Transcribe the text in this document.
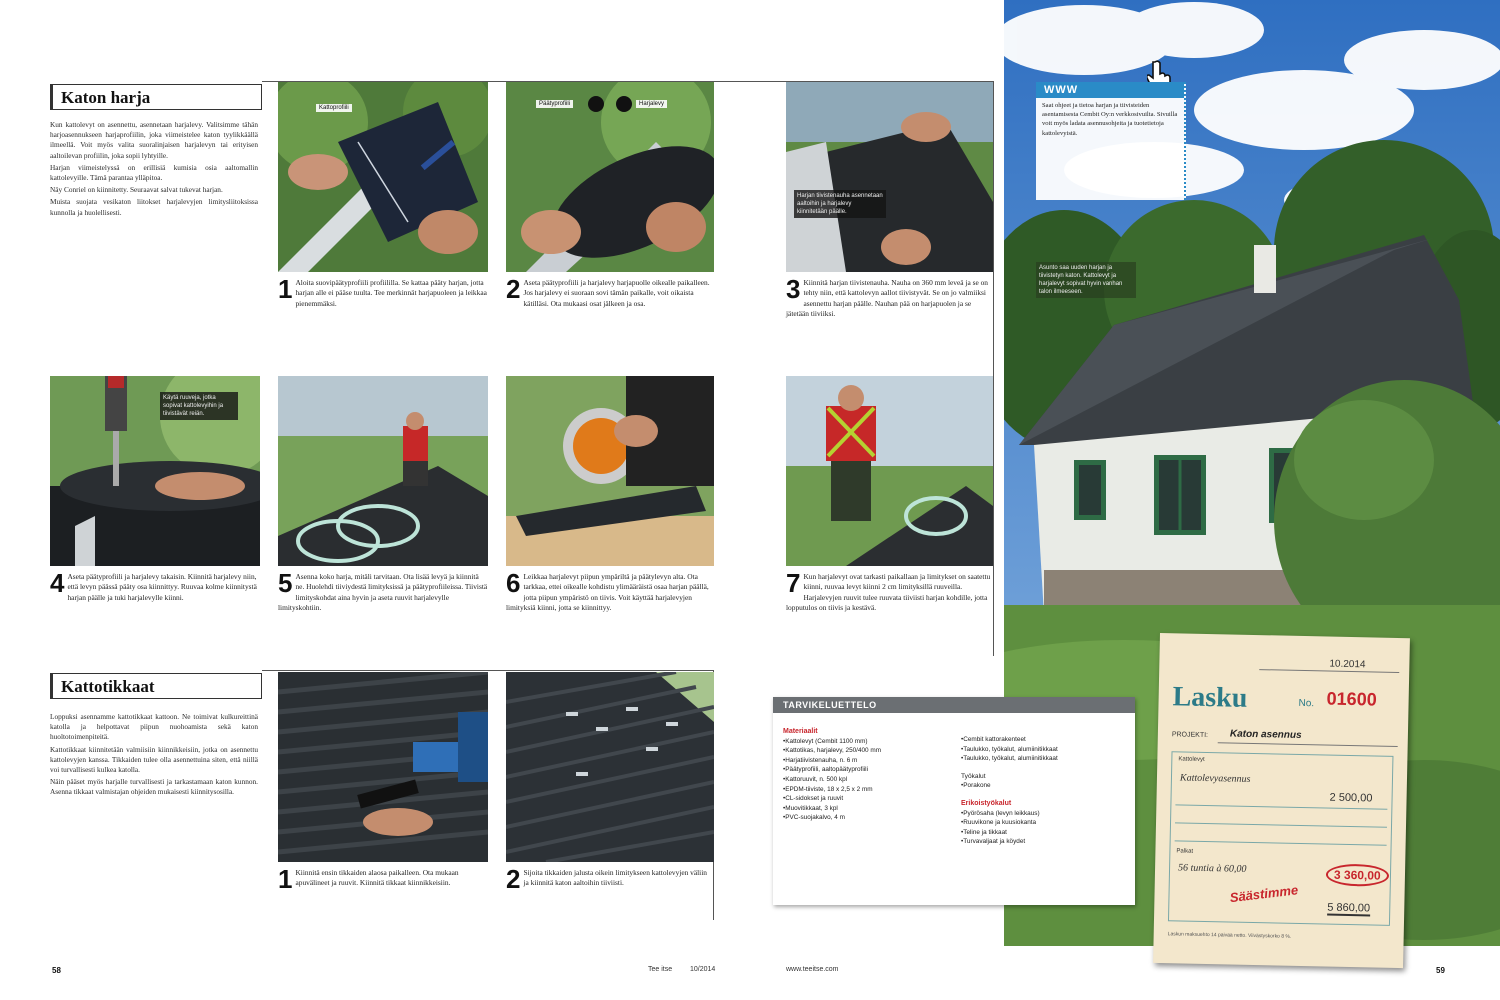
Katon harja

Kun kattolevyt on asennettu, asennetaan harjalevy. Valitsimme tähän harjoasennukseen harjaprofiilin, joka viimeistelee katon tyylikkäällä ilmeellä. Voit myös valita suoralinjaisen harjalevyn tai erityisen aaltoilevan profiilin, joka sopii lyhtyille.

Harjan viimeistelyssä on erillisiä kumisia osia aaltomallin kattolevyille. Tämä parantaa ylläpitoa.

Näy Conriel on kiinnitetty. Seuraavat salvat tukevat harjan.

Muista suojata vesikaton liitokset harjalevyjen limitysliitoksissa kunnolla ja huolellisesti.

Kattoprofiili
1 Aloita suovipäätyprofiili profiililla. Se kattaa pääty harjan, jotta harjan alle ei pääse tuulta. Tee merkinnät harjapuoleen ja leikkaa pienemmäksi.
Päätyprofiili	Harjalevy
2 Aseta päätyprofiili ja harjalevy harjapuolle oikealle paikalleen. Jos harjalevy ei suoraan sovi tämän paikalle, voit oikaista kätilläsi. Ota mukaasi osat jälkeen ja osa.
Harjan tiivistenauha asennetaan aaltoihin ja harjalevy kiinnitetään päälle.
3 Kiinnitä harjan tiivistenauha. Nauha on 360 mm leveä ja se on tehty niin, että kattolevyn aallot tiivistyvät. Se on jo valmiiksi asennettu harjan päälle. Nauhan pää on harjapuolen ja se jätetään tiiviiksi.
Käytä ruuveja, jotka sopivat kattolevyihin ja tiivistävät reiän.
4 Aseta päätyprofiili ja harjalevy takaisin. Kiinnitä harjalevy niin, että levyn päässä pääty osa kiinnittyy. Ruuvaa kolme kiinnitystä harjan päälle ja tuki harjalevylle kiinni.	5 Asenna koko harja, mitäli tarvitaan. Ota lisää levyä ja kiinnitä ne. Huolehdi tiiviydestä limityksissä ja päätyprofiileissa. Tiivistä limityskohdat aina hyvin ja aseta ruuvit harjalevylle limityskohtiin.
6 Leikkaa harjalevyt piipun ympäriltä ja päätylevyn alta. Ota tarkkaa, ettei oikealle kohdistu ylimääräistä osaa harjan päällä, jotta piipun ympäristö on tiivis. Voit käyttää harjalevyjen limityksiä kiinni, jotta se kiinnittyy.
7 Kun harjalevyt ovat tarkasti paikallaan ja limitykset on saatettu kiinni, ruuvaa levyt kiinni 2 cm limityksillä ruuveilla. Harjalevyjen ruuvit tulee ruuvata tiiviisti harjan kohdille, jotta lopputulos on tiivis ja kestävä.
Kattotikkaat

Loppuksi asennamme kattotikkaat kattoon. Ne toimivat kulkureittinä katolla ja helpottavat piipun nuohoamista sekä katon huoltotoimenpiteitä.

Kattotikkaat kiinnitetään valmiisiin kiinnikkeisiin, jotka on asennettu kattolevyjen kanssa. Tikkaiden tulee olla asennettuina siten, että niillä voi turvallisesti kulkea katolla.

Näin pääset myös harjalle turvallisesti ja tarkastamaan katon kunnon. Asenna tikkaat valmistajan ohjeiden mukaisesti kiinnitysosilla.

1 Kiinnitä ensin tikkaiden alaosa paikalleen. Ota mukaan apuvälineet ja ruuvit. Kiinnitä tikkaat kiinnikkeisiin.	2 Sijoita tikkaiden jalusta oikein limitykseen kattolevyjen väliin ja kiinnitä katon aaltoihin tiiviisti.
58	Tee itse	10/2014	www.teeitse.com
WWW
Saat ohjeet ja tietoa harjan ja tiivisteiden asentamisesta Cembit Oy:n verkkosivuilta. Sivuilla voit myös ladata asennusohjeita ja tuotetietoja kattolevyistä.
Asunto saa uuden harjan ja tiivistetyn katon. Kattolevyt ja harjalevyt sopivat hyvin vanhan talon ilmeeseen.
TARVIKELUETTELO
Materiaalit
• Kattolevyt (Cembit 1100 mm)
• Kattotikas, harjalevy, 250/400 mm
• Harjatiivistenauha, n. 6 m
• Päätyprofiili, aaltopäätyprofiili
• Kattoruuvit, n. 500 kpl
• EPDM-tiiviste, 18 x 2,5 x 2 mm
• CL-sidokset ja ruuvit
• Muovitikkaat, 3 kpl
• PVC-suojakalvo, 4 m
• Cembit kattorakenteet
• Taulukko, työkalut, alumiinitikkaat
• Taulukko, työkalut, alumiinitikkaat
Työkalut
• Porakone
Erikoistyökalut
• Pyörösaha (levyn leikkaus)
• Ruuvikone ja kuusiokanta
• Teline ja tikkaat
• Turvavaljaat ja köydet
10.2014
Lasku	No. 01600
PROJEKTI: Katon asennus
Kattolevyt
Kattolevyasennus
2 500,00
Palkat
56 tuntia à 60,00	3 360,00
Säästimme
5 860,00
Laskun maksuehto 14 päivää netto. Viivästyskorko 8 %.
59
